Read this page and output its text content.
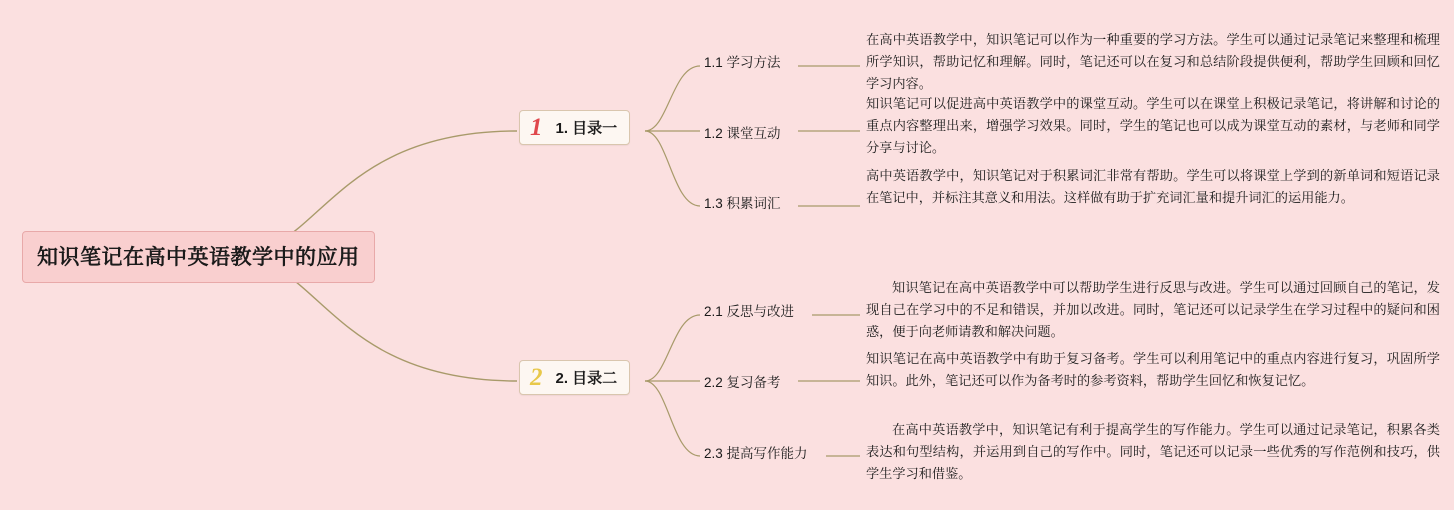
知识笔记在高中英语教学中的应用
1 1. 目录一
1.1 学习方法
1.2 课堂互动
1.3 积累词汇
在高中英语教学中，知识笔记可以作为一种重要的学习方法。学生可以通过记录笔记来整理和梳理所学知识，帮助记忆和理解。同时，笔记还可以在复习和总结阶段提供便利，帮助学生回顾和回忆学习内容。
知识笔记可以促进高中英语教学中的课堂互动。学生可以在课堂上积极记录笔记，将讲解和讨论的重点内容整理出来，增强学习效果。同时，学生的笔记也可以成为课堂互动的素材，与老师和同学分享与讨论。
高中英语教学中，知识笔记对于积累词汇非常有帮助。学生可以将课堂上学到的新单词和短语记录在笔记中，并标注其意义和用法。这样做有助于扩充词汇量和提升词汇的运用能力。
2 2. 目录二
2.1 反思与改进
2.2 复习备考
2.3 提高写作能力
知识笔记在高中英语教学中可以帮助学生进行反思与改进。学生可以通过回顾自己的笔记，发现自己在学习中的不足和错误，并加以改进。同时，笔记还可以记录学生在学习过程中的疑问和困惑，便于向老师请教和解决问题。
知识笔记在高中英语教学中有助于复习备考。学生可以利用笔记中的重点内容进行复习，巩固所学知识。此外，笔记还可以作为备考时的参考资料，帮助学生回忆和恢复记忆。
在高中英语教学中，知识笔记有利于提高学生的写作能力。学生可以通过记录笔记，积累各类表达和句型结构，并运用到自己的写作中。同时，笔记还可以记录一些优秀的写作范例和技巧，供学生学习和借鉴。
